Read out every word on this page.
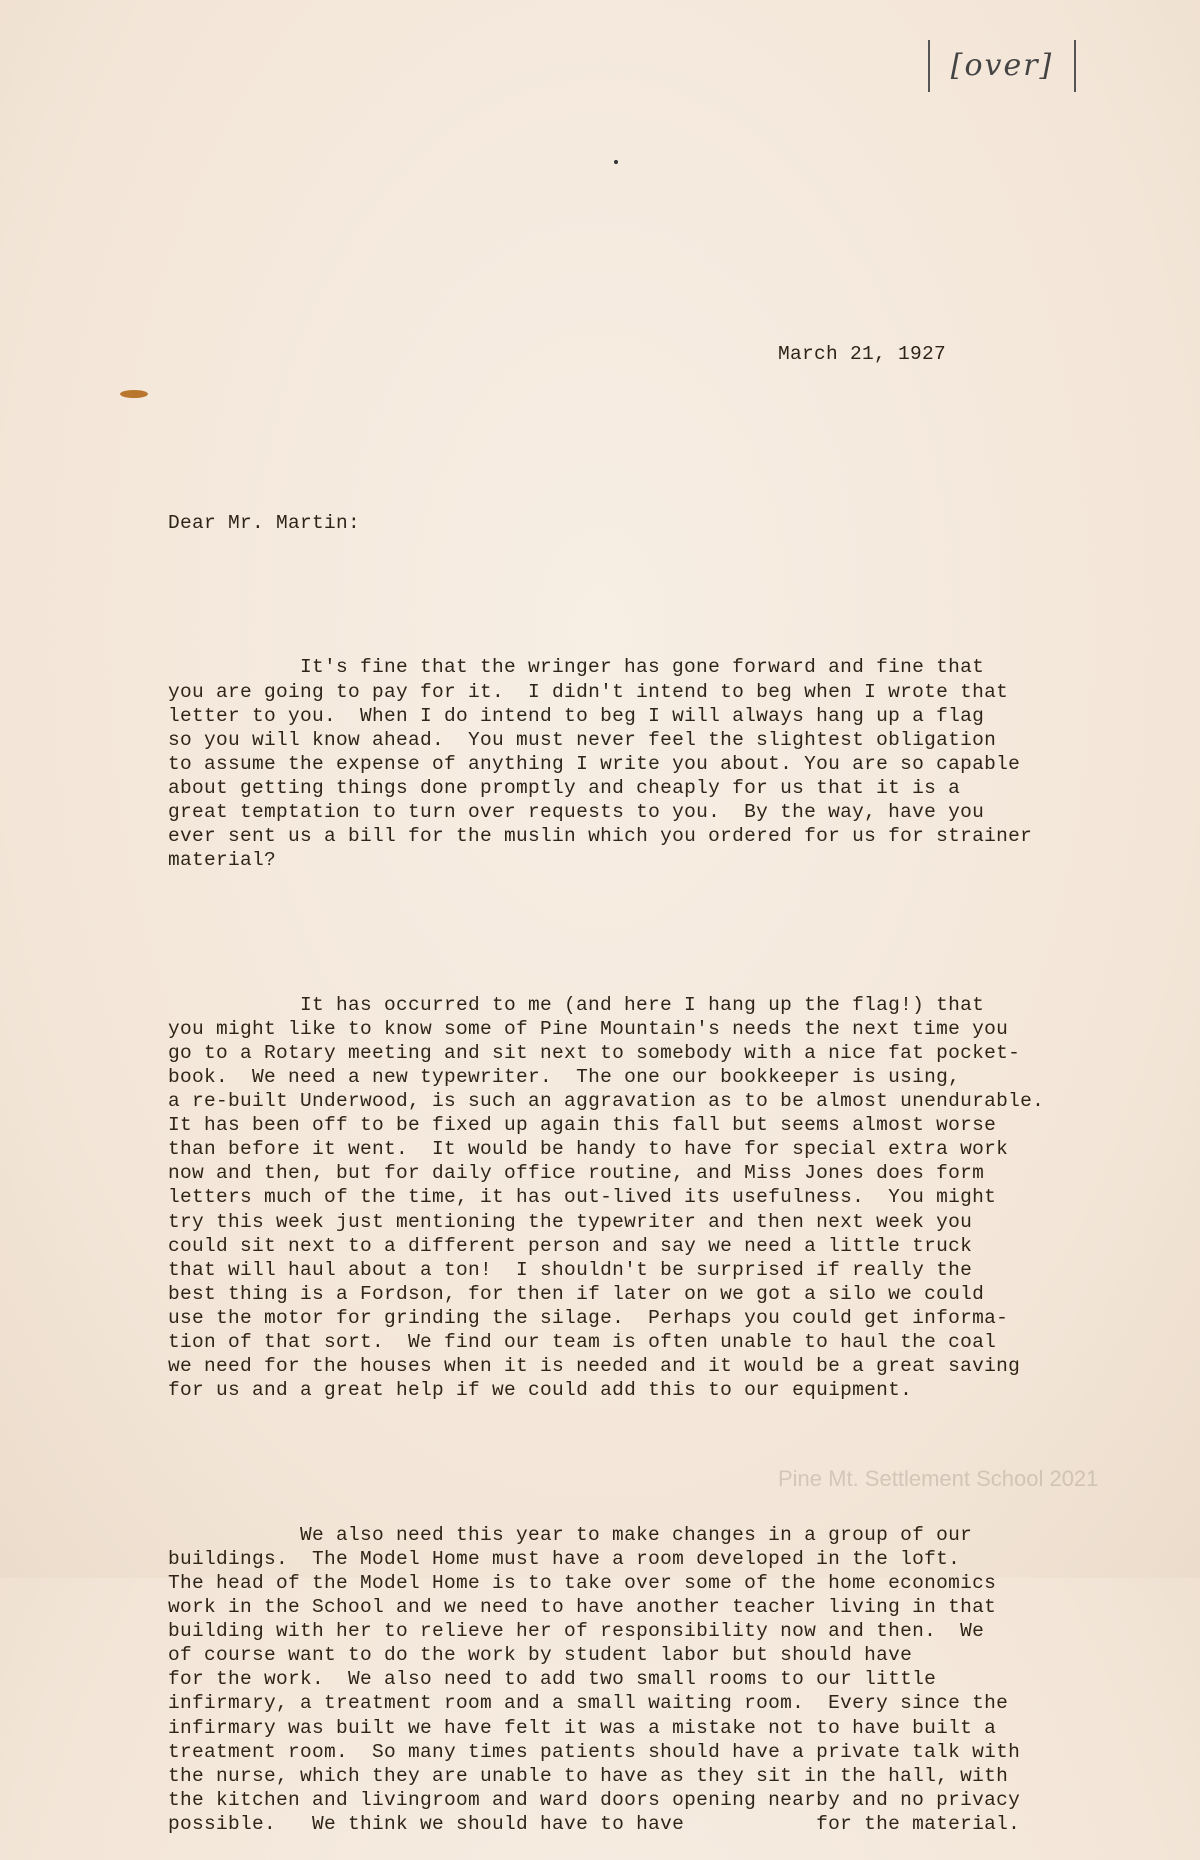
[over]

March 21, 1927

Dear Mr. Martin:

It's fine that the wringer has gone forward and fine that
you are going to pay for it.  I didn't intend to beg when I wrote that
letter to you.  When I do intend to beg I will always hang up a flag
so you will know ahead.  You must never feel the slightest obligation
to assume the expense of anything I write you about. You are so capable
about getting things done promptly and cheaply for us that it is a
great temptation to turn over requests to you.  By the way, have you
ever sent us a bill for the muslin which you ordered for us for strainer
material?

It has occurred to me (and here I hang up the flag!) that
you might like to know some of Pine Mountain's needs the next time you
go to a Rotary meeting and sit next to somebody with a nice fat pocket-
book.  We need a new typewriter.  The one our bookkeeper is using,
a re-built Underwood, is such an aggravation as to be almost unendurable.
It has been off to be fixed up again this fall but seems almost worse
than before it went.  It would be handy to have for special extra work
now and then, but for daily office routine, and Miss Jones does form
letters much of the time, it has out-lived its usefulness.  You might
try this week just mentioning the typewriter and then next week you
could sit next to a different person and say we need a little truck
that will haul about a ton!  I shouldn't be surprised if really the
best thing is a Fordson, for then if later on we got a silo we could
use the motor for grinding the silage.  Perhaps you could get informa-
tion of that sort.  We find our team is often unable to haul the coal
we need for the houses when it is needed and it would be a great saving
for us and a great help if we could add this to our equipment.

We also need this year to make changes in a group of our
buildings.  The Model Home must have a room developed in the loft.
The head of the Model Home is to take over some of the home economics
work in the School and we need to have another teacher living in that
building with her to relieve her of responsibility now and then.  We
of course want to do the work by student labor but should have
for the work.  We also need to add two small rooms to our little
infirmary, a treatment room and a small waiting room.  Every since the
infirmary was built we have felt it was a mistake not to have built a
treatment room.  So many times patients should have a private talk with
the nurse, which they are unable to have as they sit in the hall, with
the kitchen and livingroom and ward doors opening nearby and no privacy
possible.   We think we should have to have           for the material.

Pine Mt. Settlement School 2021
